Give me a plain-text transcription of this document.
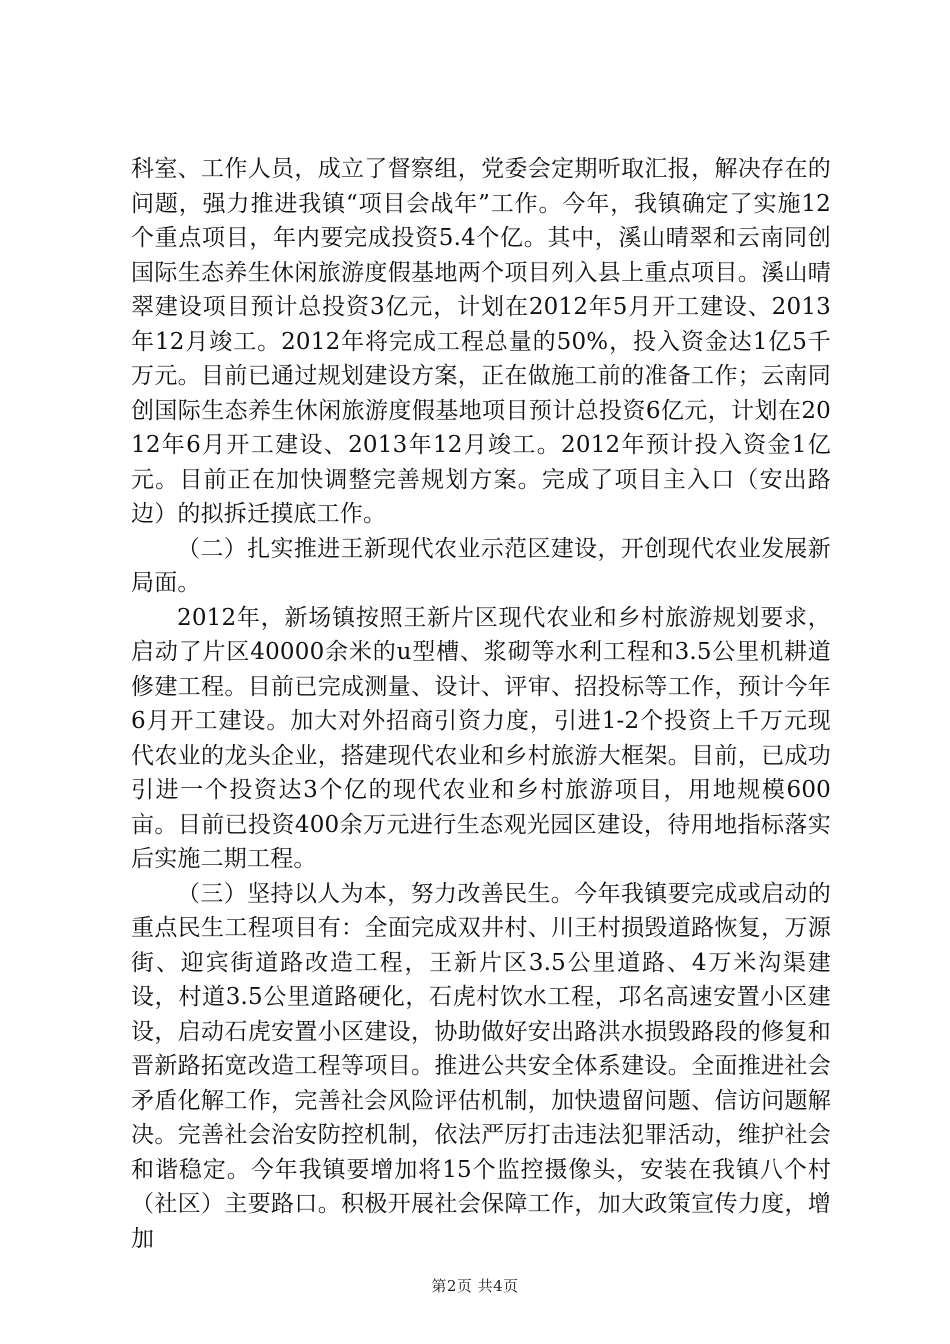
科室、工作人员，成立了督察组，党委会定期听取汇报，解决存在的问题，强力推进我镇“项目会战年”工作。今年，我镇确定了实施12个重点项目，年内要完成投资5.4个亿。其中，溪山晴翠和云南同创国际生态养生休闲旅游度假基地两个项目列入县上重点项目。溪山晴翠建设项目预计总投资3亿元，计划在2012年5月开工建设、2013年12月竣工。2012年将完成工程总量的50%，投入资金达1亿5千万元。目前已通过规划建设方案，正在做施工前的准备工作；云南同创国际生态养生休闲旅游度假基地项目预计总投资6亿元，计划在2012年6月开工建设、2013年12月竣工。2012年预计投入资金1亿元。目前正在加快调整完善规划方案。完成了项目主入口（安出路边）的拟拆迁摸底工作。

（二）扎实推进王新现代农业示范区建设，开创现代农业发展新局面。

2012年，新场镇按照王新片区现代农业和乡村旅游规划要求，启动了片区40000余米的u型槽、浆砌等水利工程和3.5公里机耕道修建工程。目前已完成测量、设计、评审、招投标等工作，预计今年6月开工建设。加大对外招商引资力度，引进1-2个投资上千万元现代农业的龙头企业，搭建现代农业和乡村旅游大框架。目前，已成功引进一个投资达3个亿的现代农业和乡村旅游项目，用地规模600亩。目前已投资400余万元进行生态观光园区建设，待用地指标落实后实施二期工程。

（三）坚持以人为本，努力改善民生。今年我镇要完成或启动的重点民生工程项目有：全面完成双井村、川王村损毁道路恢复，万源街、迎宾街道路改造工程，王新片区3.5公里道路、4万米沟渠建设，村道3.5公里道路硬化，石虎村饮水工程，邛名高速安置小区建设，启动石虎安置小区建设，协助做好安出路洪水损毁路段的修复和晋新路拓宽改造工程等项目。推进公共安全体系建设。全面推进社会矛盾化解工作，完善社会风险评估机制，加快遗留问题、信访问题解决。完善社会治安防控机制，依法严厉打击违法犯罪活动，维护社会和谐稳定。今年我镇要增加将15个监控摄像头，安装在我镇八个村（社区）主要路口。积极开展社会保障工作，加大政策宣传力度，增加

第2页 共4页
